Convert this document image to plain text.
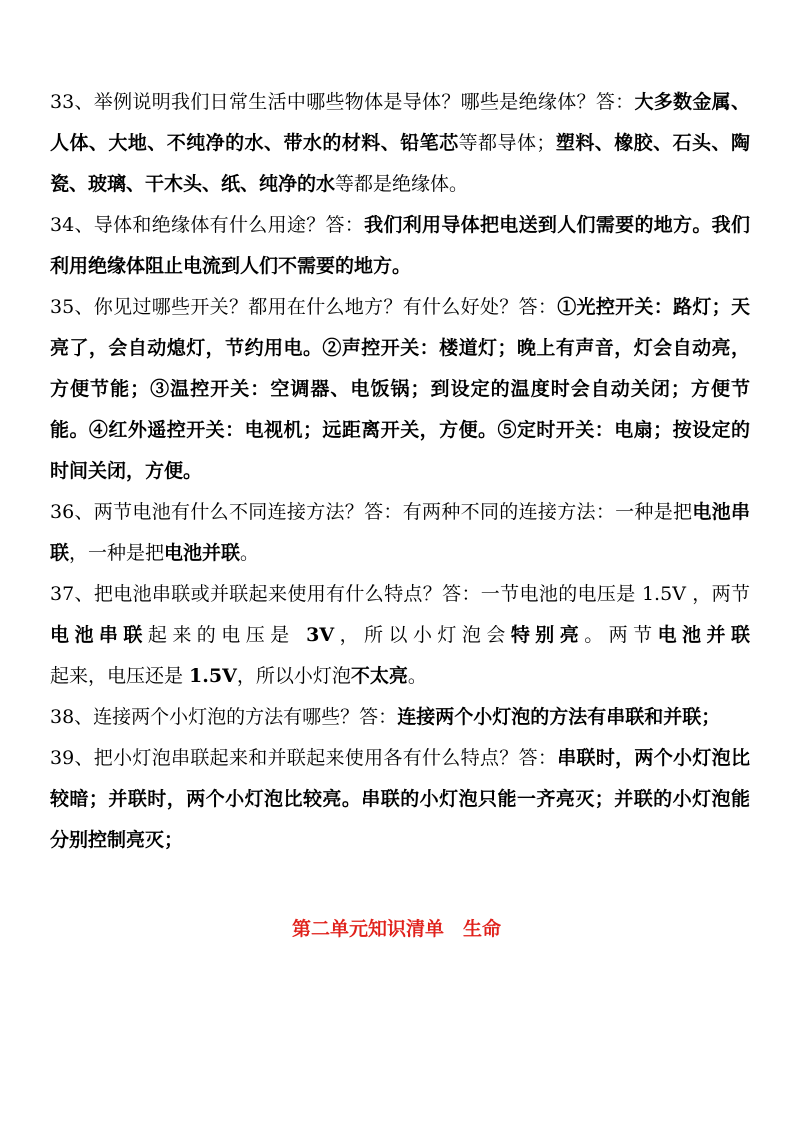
33、举例说明我们日常生活中哪些物体是导体？哪些是绝缘体？答：大多数金属、人体、大地、不纯净的水、带水的材料、铅笔芯等都导体；塑料、橡胶、石头、陶瓷、玻璃、干木头、纸、纯净的水等都是绝缘体。

34、导体和绝缘体有什么用途？答：我们利用导体把电送到人们需要的地方。我们利用绝缘体阻止电流到人们不需要的地方。

35、你见过哪些开关？都用在什么地方？有什么好处？答：①光控开关：路灯；天亮了，会自动熄灯，节约用电。②声控开关：楼道灯；晚上有声音，灯会自动亮，方便节能；③温控开关：空调器、电饭锅；到设定的温度时会自动关闭；方便节能。④红外遥控开关：电视机；远距离开关，方便。⑤定时开关：电扇；按设定的时间关闭，方便。

36、两节电池有什么不同连接方法？答：有两种不同的连接方法：一种是把电池串联，一种是把电池并联。

37、把电池串联或并联起来使用有什么特点？答：一节电池的电压是 1.5V ，两节电池串联起来的电压是 3V，所以小灯泡会特别亮。两节电池并联起来，电压还是 1.5V，所以小灯泡不太亮。

38、连接两个小灯泡的方法有哪些？答：连接两个小灯泡的方法有串联和并联；

39、把小灯泡串联起来和并联起来使用各有什么特点？答：串联时，两个小灯泡比较暗；并联时，两个小灯泡比较亮。串联的小灯泡只能一齐亮灭；并联的小灯泡能分别控制亮灭；

第二单元知识清单　生命
